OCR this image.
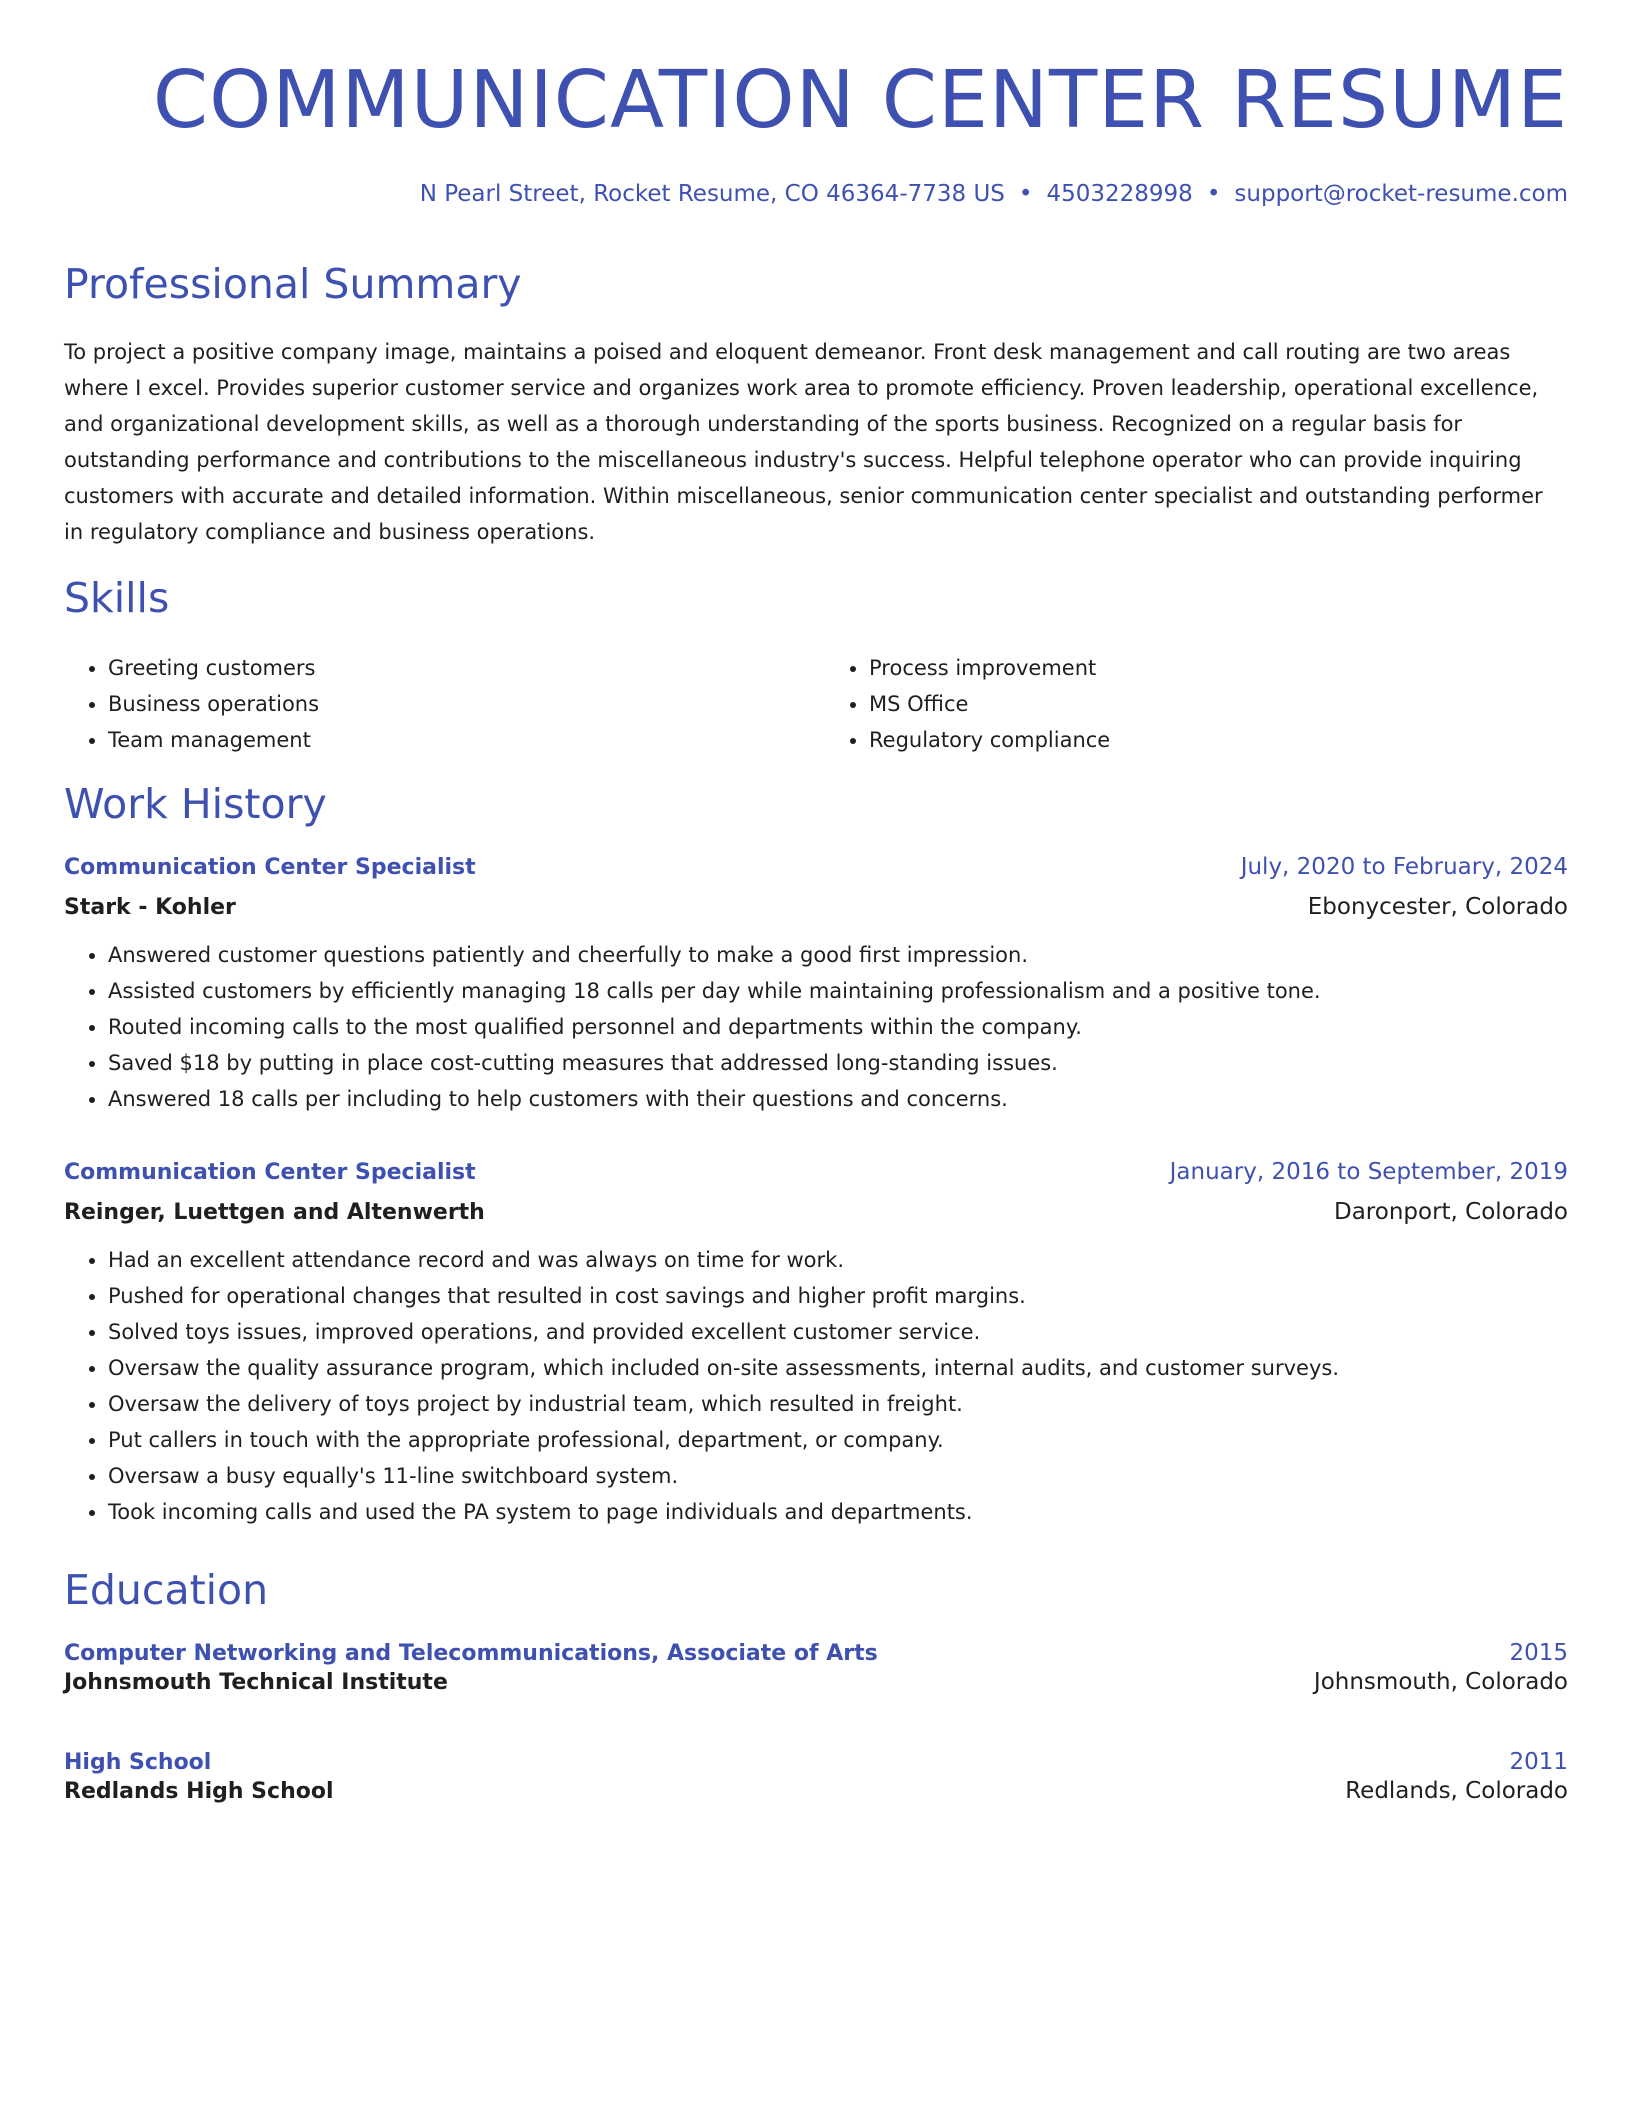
COMMUNICATION CENTER RESUME
N Pearl Street, Rocket Resume, CO 46364-7738 US • 4503228998 • support@rocket-resume.com
Professional Summary

To project a positive company image, maintains a poised and eloquent demeanor. Front desk management and call routing are two areas where I excel. Provides superior customer service and organizes work area to promote efficiency. Proven leadership, operational excellence, and organizational development skills, as well as a thorough understanding of the sports business. Recognized on a regular basis for outstanding performance and contributions to the miscellaneous industry's success. Helpful telephone operator who can provide inquiring customers with accurate and detailed information. Within miscellaneous, senior communication center specialist and outstanding performer in regulatory compliance and business operations.

Skills
• Greeting customers
• Business operations
• Team management
• Process improvement
• MS Office
• Regulatory compliance
Work History
Communication Center Specialist	July, 2020 to February, 2024
Stark - Kohler	Ebonycester, Colorado
• Answered customer questions patiently and cheerfully to make a good first impression.
• Assisted customers by efficiently managing 18 calls per day while maintaining professionalism and a positive tone.
• Routed incoming calls to the most qualified personnel and departments within the company.
• Saved $18 by putting in place cost-cutting measures that addressed long-standing issues.
• Answered 18 calls per including to help customers with their questions and concerns.
Communication Center Specialist	January, 2016 to September, 2019
Reinger, Luettgen and Altenwerth	Daronport, Colorado
• Had an excellent attendance record and was always on time for work.
• Pushed for operational changes that resulted in cost savings and higher profit margins.
• Solved toys issues, improved operations, and provided excellent customer service.
• Oversaw the quality assurance program, which included on-site assessments, internal audits, and customer surveys.
• Oversaw the delivery of toys project by industrial team, which resulted in freight.
• Put callers in touch with the appropriate professional, department, or company.
• Oversaw a busy equally's 11-line switchboard system.
• Took incoming calls and used the PA system to page individuals and departments.
Education
Computer Networking and Telecommunications, Associate of Arts	2015
Johnsmouth Technical Institute	Johnsmouth, Colorado
High School	2011
Redlands High School	Redlands, Colorado
